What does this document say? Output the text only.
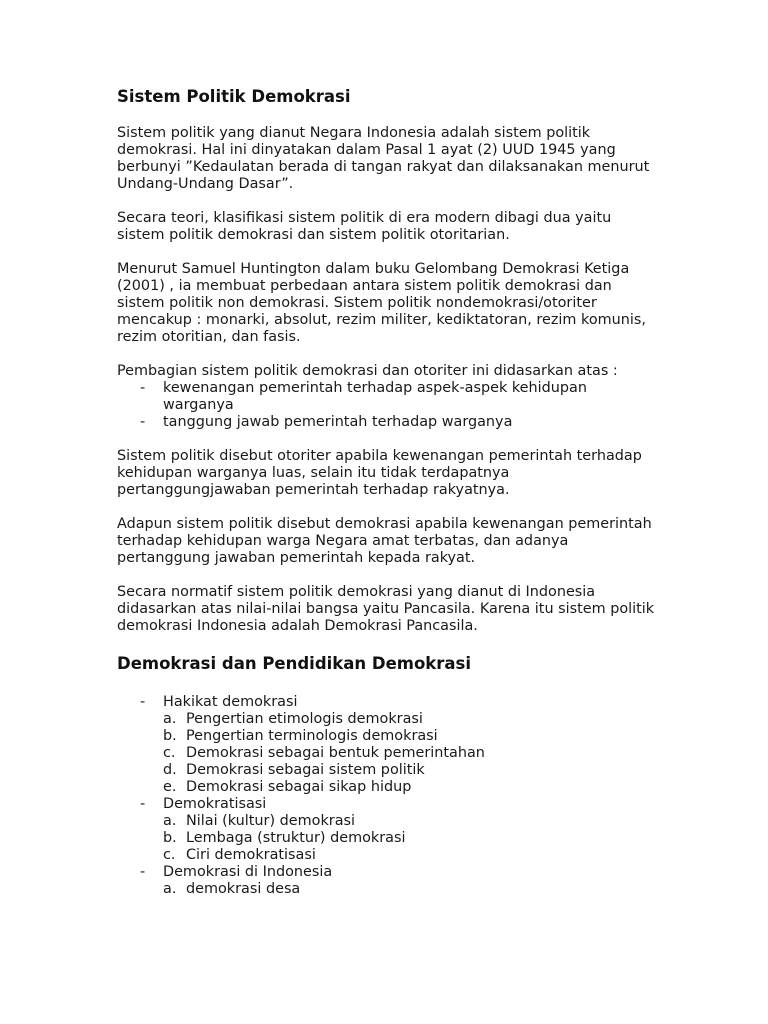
Sistem Politik Demokrasi

Sistem politik yang dianut Negara Indonesia adalah sistem politik demokrasi. Hal ini dinyatakan dalam Pasal 1 ayat (2) UUD 1945 yang berbunyi ”Kedaulatan berada di tangan rakyat dan dilaksanakan menurut Undang-Undang Dasar”.

Secara teori, klasifikasi sistem politik di era modern dibagi dua yaitu sistem politik demokrasi dan sistem politik otoritarian.

Menurut Samuel Huntington dalam buku Gelombang Demokrasi Ketiga (2001) , ia membuat perbedaan antara sistem politik demokrasi dan sistem politik non demokrasi. Sistem politik nondemokrasi/otoriter mencakup : monarki, absolut, rezim militer, kediktatoran, rezim komunis, rezim otoritian, dan fasis.

Pembagian sistem politik demokrasi dan otoriter ini didasarkan atas :

- kewenangan pemerintah terhadap aspek-aspek kehidupan warganya
- tanggung jawab pemerintah terhadap warganya

Sistem politik disebut otoriter apabila kewenangan pemerintah terhadap kehidupan warganya luas, selain itu tidak terdapatnya pertanggungjawaban pemerintah terhadap rakyatnya.

Adapun sistem politik disebut demokrasi apabila kewenangan pemerintah terhadap kehidupan warga Negara amat terbatas, dan adanya pertanggung jawaban pemerintah kepada rakyat.

Secara normatif sistem politik demokrasi yang dianut di Indonesia didasarkan atas nilai-nilai bangsa yaitu Pancasila. Karena itu sistem politik demokrasi Indonesia adalah Demokrasi Pancasila.

Demokrasi dan Pendidikan Demokrasi
- Hakikat demokrasi
a. Pengertian etimologis demokrasi
b. Pengertian terminologis demokrasi
c. Demokrasi sebagai bentuk pemerintahan
d. Demokrasi sebagai sistem politik
e. Demokrasi sebagai sikap hidup
- Demokratisasi
a. Nilai (kultur) demokrasi
b. Lembaga (struktur) demokrasi
c. Ciri demokratisasi
- Demokrasi di Indonesia
a. demokrasi desa
